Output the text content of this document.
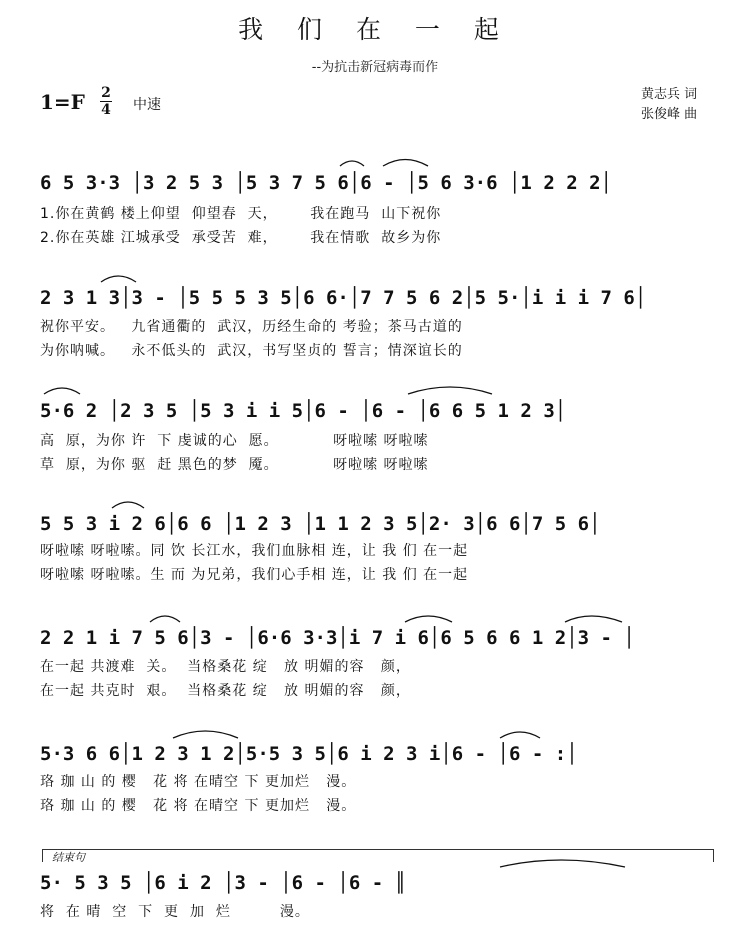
我 们 在 一 起
--为抗击新冠病毒而作
1=F 2
4 中速
黄志兵 词
张俊峰 曲
6 5 3·3 │3 2 5 3 │5 3 7 5 6│6 - │5 6 3·6 │1 2 2 2│
1.你在黄鹤 楼上仰望  仰望春  天，      我在跑马  山下祝你
2.你在英雄 江城承受  承受苦  难，      我在情歌  故乡为你
2 3 1 3│3 - │5 5 5 3 5│6 6·│7 7 5 6 2│5 5·│i i i 7 6│
祝你平安。   九省通衢的  武汉，历经生命的 考验；茶马古道的
为你呐喊。   永不低头的  武汉，书写坚贞的 誓言；情深谊长的
5·6 2 │2 3 5 │5 3 i i 5│6 - │6 - │6 6 5 1 2 3│
高  原，为你 许  下 虔诚的心  愿。          呀啦嗦 呀啦嗦
草  原，为你 驱  赶 黑色的梦  魇。          呀啦嗦 呀啦嗦
5 5 3 i 2 6│6 6 │1 2 3 │1 1 2 3 5│2· 3│6 6│7 5 6│
呀啦嗦 呀啦嗦。同 饮 长江水，我们血脉相 连，让 我 们 在一起
呀啦嗦 呀啦嗦。生 而 为兄弟，我们心手相 连，让 我 们 在一起
2 2 1 i 7 5 6│3 - │6·6 3·3│i 7 i 6│6 5 6 6 1 2│3 - │
在一起 共渡难  关。  当格桑花 绽   放 明媚的容   颜，
在一起 共克时  艰。  当格桑花 绽   放 明媚的容   颜，
5·3 6 6│1 2 3 1 2│5·5 3 5│6 i 2 3 i│6 - │6 - :│
珞 珈 山 的 樱   花 将 在晴空 下 更加烂   漫。
珞 珈 山 的 樱   花 将 在晴空 下 更加烂   漫。
结束句
5· 5 3 5 │6 i 2 │3 - │6 - │6 - ║
将  在 晴  空  下  更  加  烂         漫。
